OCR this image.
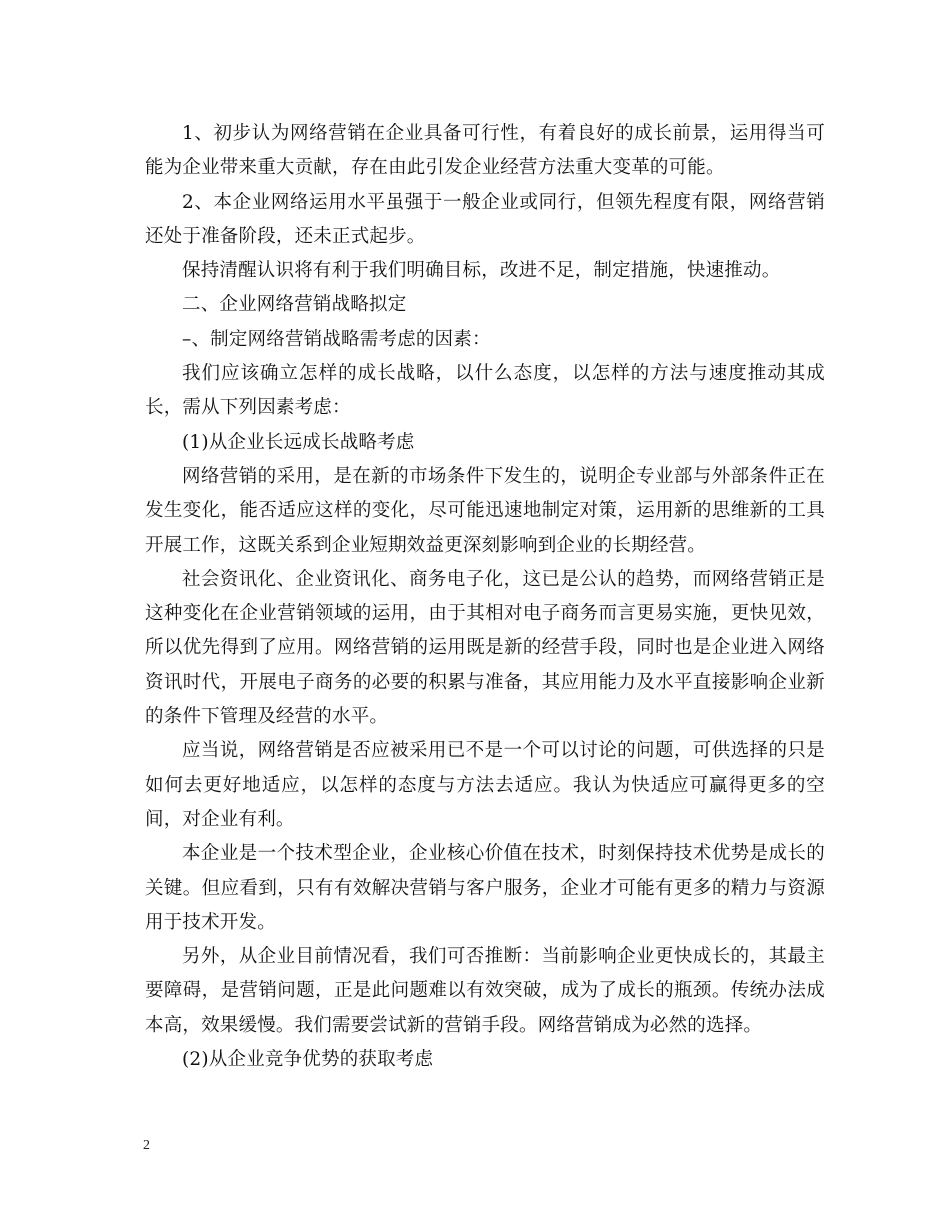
1、初步认为网络营销在企业具备可行性，有着良好的成长前景，运用得当可能为企业带来重大贡献，存在由此引发企业经营方法重大变革的可能。

2、本企业网络运用水平虽强于一般企业或同行，但领先程度有限，网络营销还处于准备阶段，还未正式起步。

保持清醒认识将有利于我们明确目标，改进不足，制定措施，快速推动。

二、企业网络营销战略拟定

–、制定网络营销战略需考虑的因素：

我们应该确立怎样的成长战略，以什么态度，以怎样的方法与速度推动其成长，需从下列因素考虑：

(1)从企业长远成长战略考虑

网络营销的采用，是在新的市场条件下发生的，说明企专业部与外部条件正在发生变化，能否适应这样的变化，尽可能迅速地制定对策，运用新的思维新的工具开展工作，这既关系到企业短期效益更深刻影响到企业的长期经营。

社会资讯化、企业资讯化、商务电子化，这已是公认的趋势，而网络营销正是这种变化在企业营销领域的运用，由于其相对电子商务而言更易实施，更快见效，所以优先得到了应用。网络营销的运用既是新的经营手段，同时也是企业进入网络资讯时代，开展电子商务的必要的积累与准备，其应用能力及水平直接影响企业新的条件下管理及经营的水平。

应当说，网络营销是否应被采用已不是一个可以讨论的问题，可供选择的只是如何去更好地适应，以怎样的态度与方法去适应。我认为快适应可赢得更多的空间，对企业有利。

本企业是一个技术型企业，企业核心价值在技术，时刻保持技术优势是成长的关键。但应看到，只有有效解决营销与客户服务，企业才可能有更多的精力与资源用于技术开发。

另外，从企业目前情况看，我们可否推断：当前影响企业更快成长的，其最主要障碍，是营销问题，正是此问题难以有效突破，成为了成长的瓶颈。传统办法成本高，效果缓慢。我们需要尝试新的营销手段。网络营销成为必然的选择。

(2)从企业竞争优势的获取考虑

2
